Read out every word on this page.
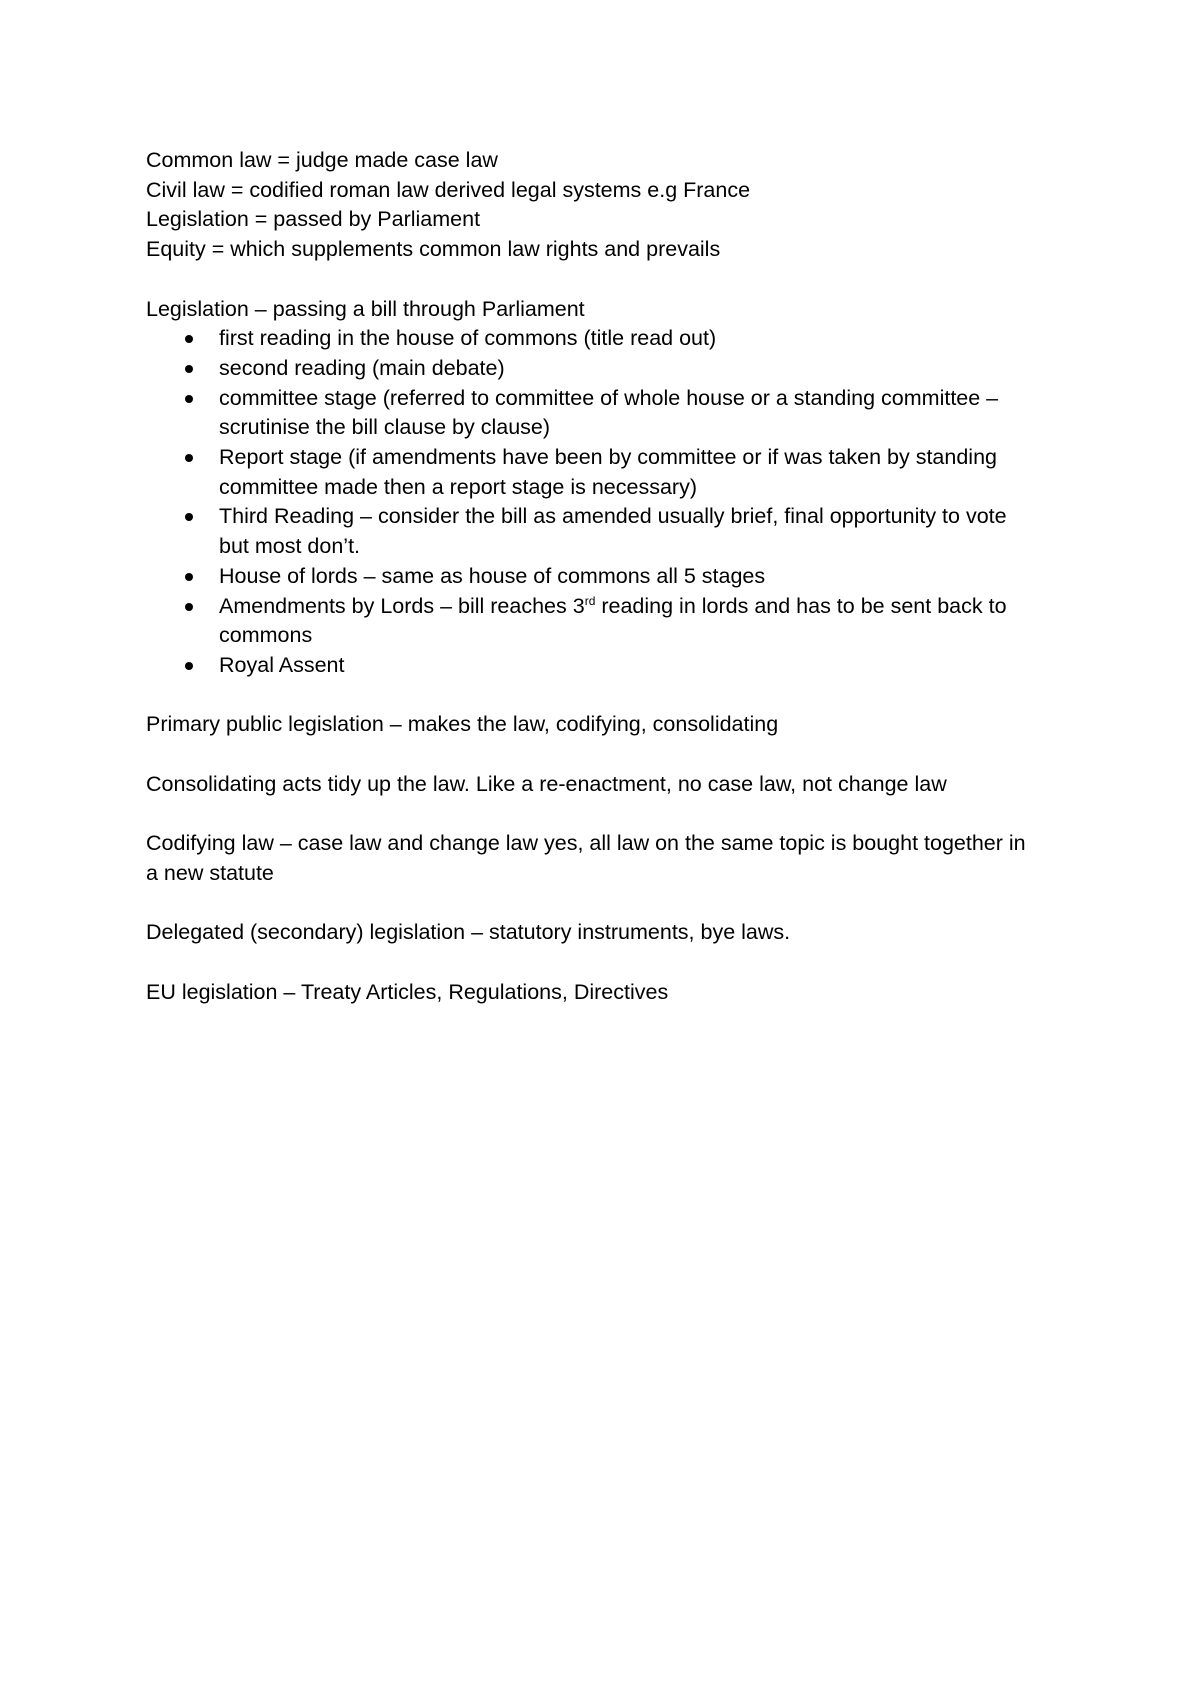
Common law = judge made case law

Civil law = codified roman law derived legal systems e.g France

Legislation = passed by Parliament

Equity = which supplements common law rights and prevails

Legislation – passing a bill through Parliament

first reading in the house of commons (title read out)
second reading (main debate)
committee stage (referred to committee of whole house or a standing committee –
scrutinise the bill clause by clause)
Report stage (if amendments have been by committee or if was taken by standing
committee made then a report stage is necessary)
Third Reading – consider the bill as amended usually brief, final opportunity to vote
but most don’t.
House of lords – same as house of commons all 5 stages
Amendments by Lords – bill reaches 3rd reading in lords and has to be sent back to
commons
Royal Assent

Primary public legislation – makes the law, codifying, consolidating

Consolidating acts tidy up the law. Like a re-enactment, no case law, not change law

Codifying law – case law and change law yes, all law on the same topic is bought together in

a new statute

Delegated (secondary) legislation – statutory instruments, bye laws.

EU legislation – Treaty Articles, Regulations, Directives
